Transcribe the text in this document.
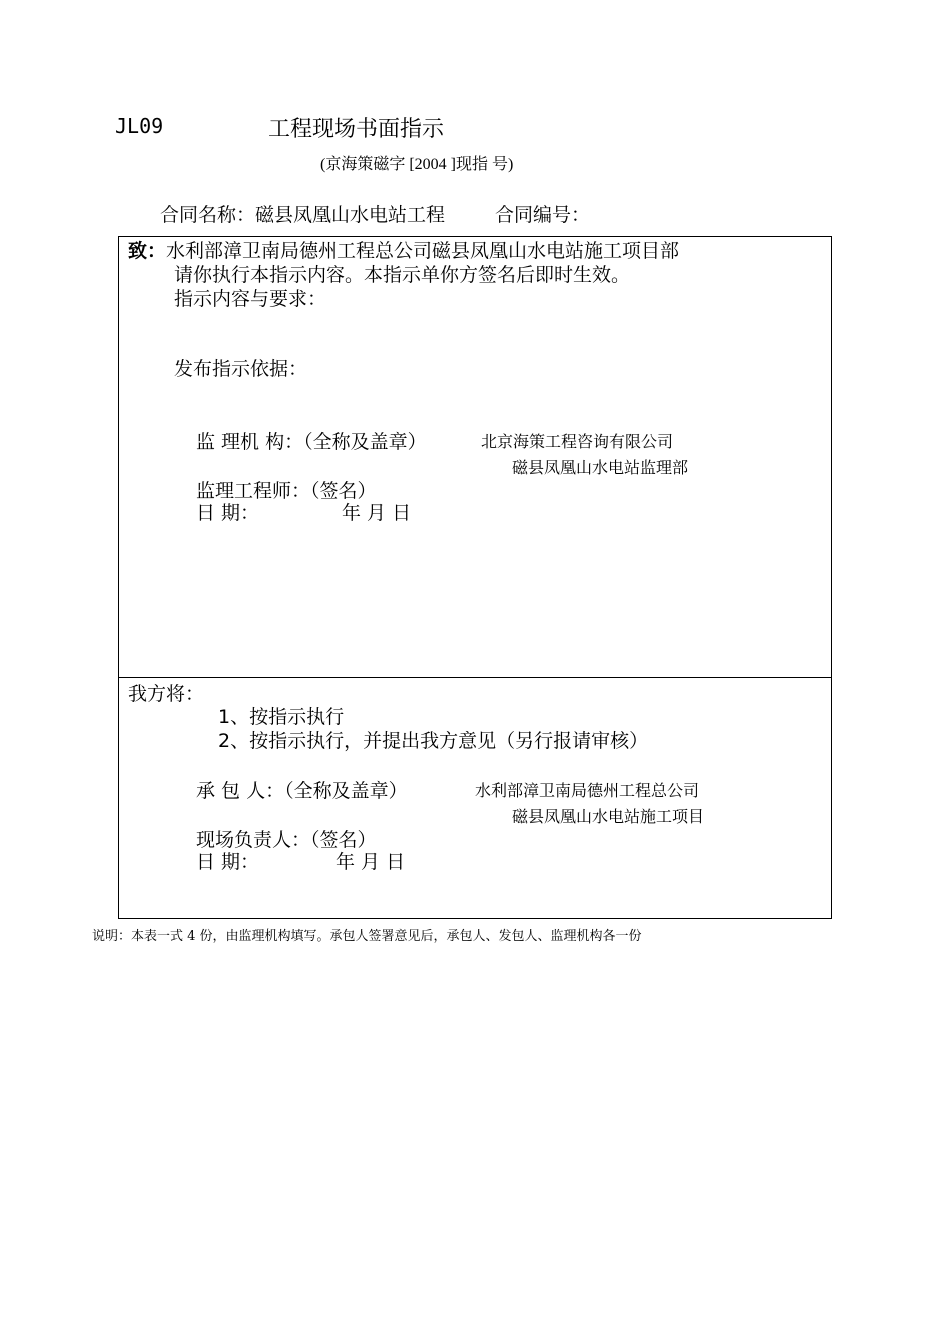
JL09	工程现场书面指示
(京海策磁字 [2004 ]现指 号)
合同名称：磁县凤凰山水电站工程	合同编号：
致：水利部漳卫南局德州工程总公司磁县凤凰山水电站施工项目部
请你执行本指示内容。本指示单你方签名后即时生效。
指示内容与要求：
发布指示依据：
监 理机 构：（全称及盖章）	北京海策工程咨询有限公司
磁县凤凰山水电站监理部
监理工程师：（签名）
日 期：	年 月 日
我方将：
1、按指示执行
2、按指示执行，并提出我方意见（另行报请审核）
承 包 人：（全称及盖章）	水利部漳卫南局德州工程总公司
磁县凤凰山水电站施工项目
现场负责人：（签名）
日 期：	年 月 日
说明：本表一式 4 份，由监理机构填写。承包人签署意见后，承包人、发包人、监理机构各一份
